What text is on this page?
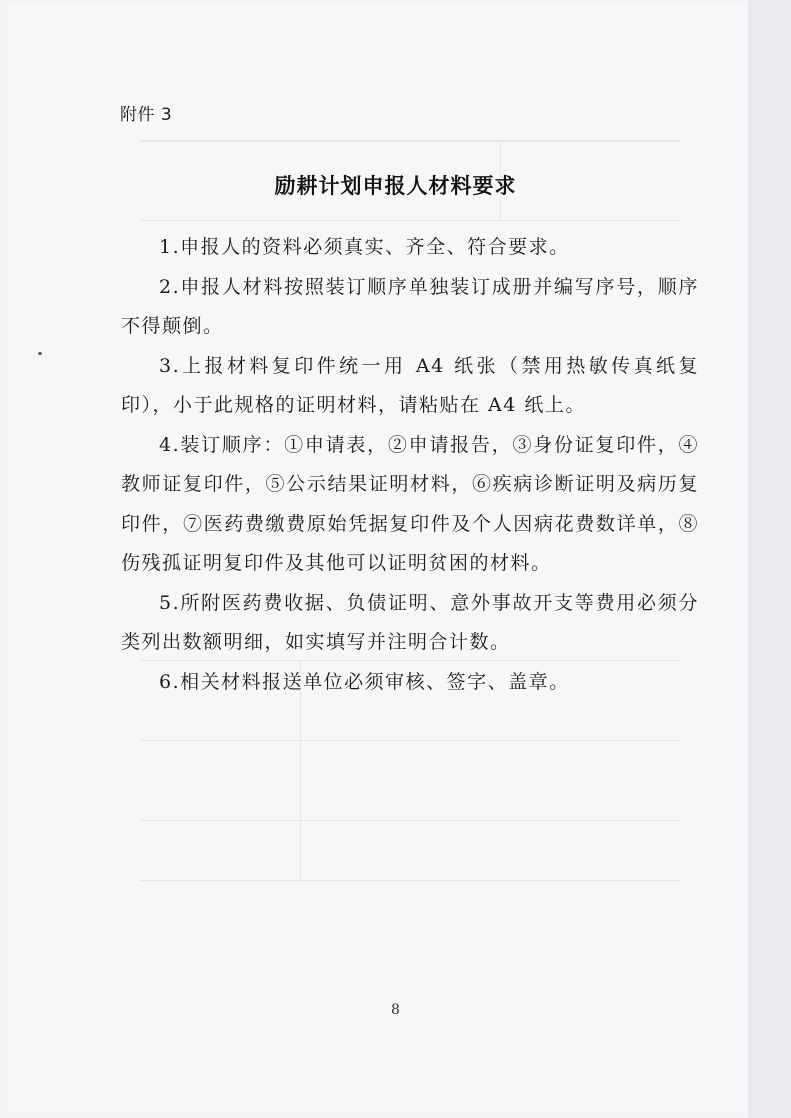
附件 3
励耕计划申报人材料要求

1.申报人的资料必须真实、齐全、符合要求。

2.申报人材料按照装订顺序单独装订成册并编写序号，顺序不得颠倒。

3.上报材料复印件统一用 A4 纸张（禁用热敏传真纸复印），小于此规格的证明材料，请粘贴在 A4 纸上。

4.装订顺序：①申请表，②申请报告，③身份证复印件，④教师证复印件，⑤公示结果证明材料，⑥疾病诊断证明及病历复印件，⑦医药费缴费原始凭据复印件及个人因病花费数详单，⑧伤残孤证明复印件及其他可以证明贫困的材料。

5.所附医药费收据、负债证明、意外事故开支等费用必须分类列出数额明细，如实填写并注明合计数。

6.相关材料报送单位必须审核、签字、盖章。

8
